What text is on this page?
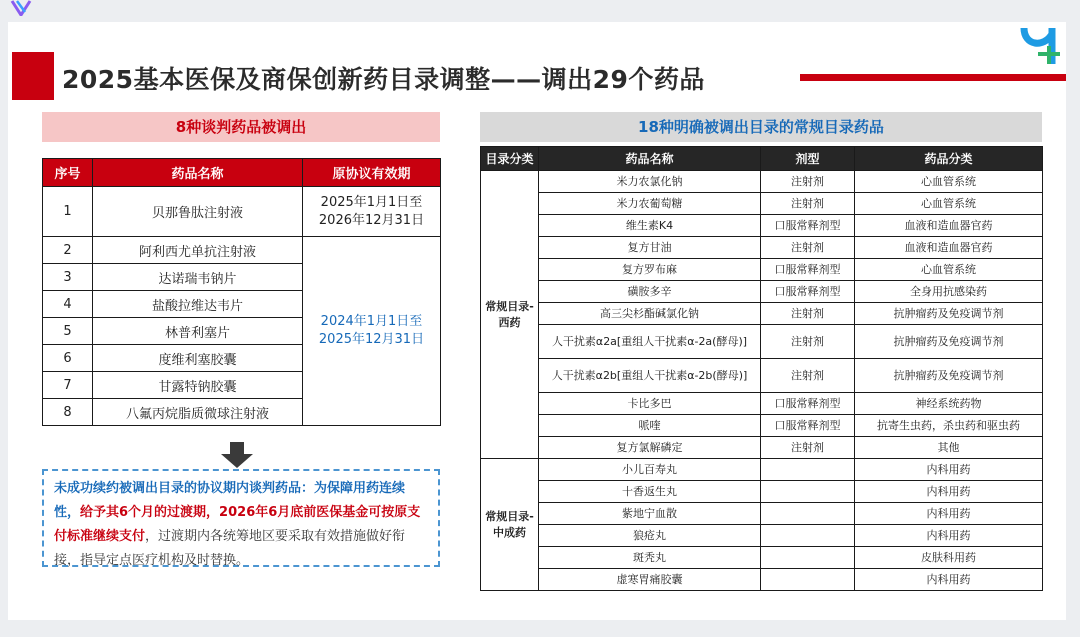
2025基本医保及商保创新药目录调整——调出29个药品
8种谈判药品被调出
序号	药品名称	原协议有效期
1	贝那鲁肽注射液	2025年1月1日至
2026年12月31日
2	阿利西尤单抗注射液	2024年1月1日至
2025年12月31日
3	达诺瑞韦钠片	
4	盐酸拉维达韦片	
5	林普利塞片	
6	度维利塞胶囊	
7	甘露特钠胶囊	
8	八氟丙烷脂质微球注射液	
未成功续约被调出目录的协议期内谈判药品：为保障用药连续性，给予其6个月的过渡期，2026年6月底前医保基金可按原支付标准继续支付，过渡期内各统筹地区要采取有效措施做好衔接，指导定点医疗机构及时替换。
18种明确被调出目录的常规目录药品
目录分类	药品名称	剂型	药品分类
常规目录-
西药	米力农氯化钠	注射剂	心血管系统
	米力农葡萄糖	注射剂	心血管系统
	维生素K4	口服常释剂型	血液和造血器官药
	复方甘油	注射剂	血液和造血器官药
	复方罗布麻	口服常释剂型	心血管系统
	磺胺多辛	口服常释剂型	全身用抗感染药
	高三尖杉酯碱氯化钠	注射剂	抗肿瘤药及免疫调节剂
	人干扰素α2a[重组人干扰素α-2a(酵母)]	注射剂	抗肿瘤药及免疫调节剂
	人干扰素α2b[重组人干扰素α-2b(酵母)]	注射剂	抗肿瘤药及免疫调节剂
	卡比多巴	口服常释剂型	神经系统药物
	哌喹	口服常释剂型	抗寄生虫药，杀虫药和驱虫药
	复方氯解磷定	注射剂	其他
常规目录-
中成药	小儿百寿丸		内科用药
	十香返生丸		内科用药
	紫地宁血散		内科用药
	狼疮丸		内科用药
	斑秃丸		皮肤科用药
	虚寒胃痛胶囊		内科用药
